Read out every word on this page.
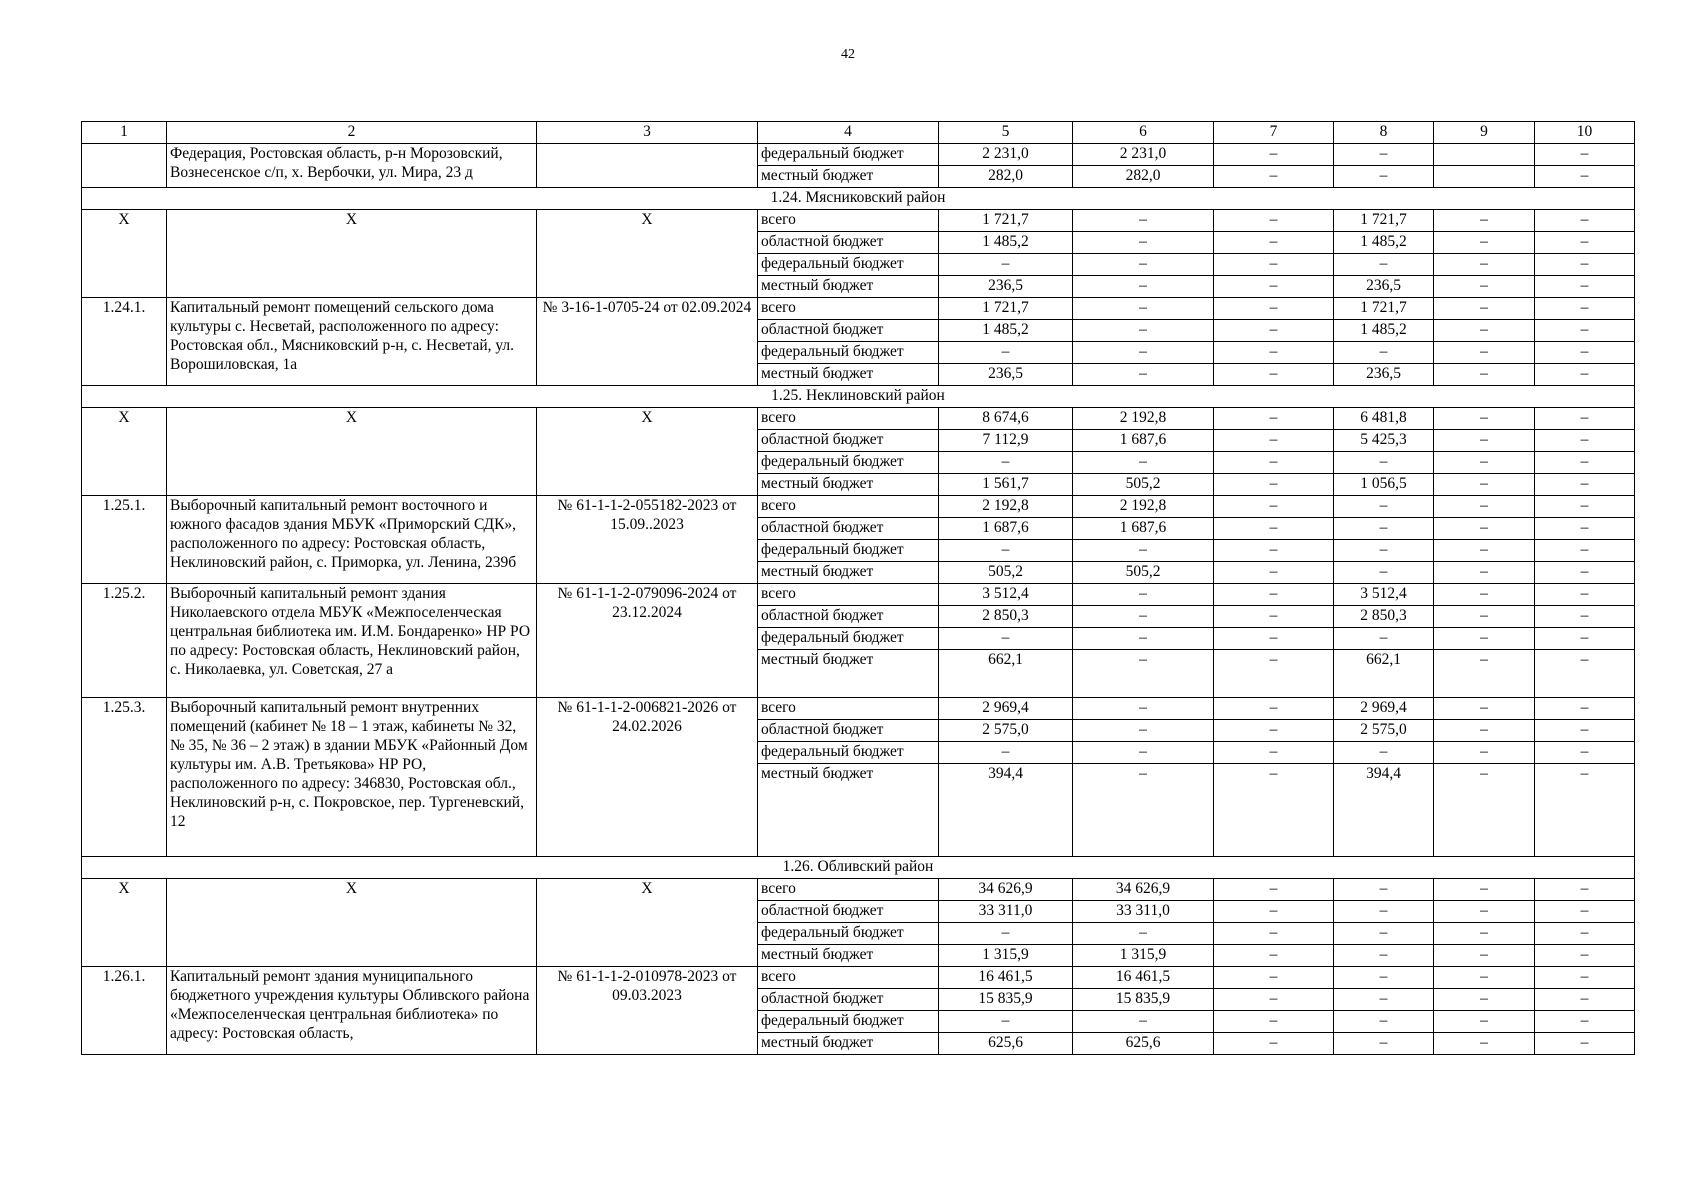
42
1	2	3	4	5	6	7	8	9	10
	Федерация, Ростовская область, р-н Морозовский, Вознесенское с/п, х. Вербочки, ул. Мира, 23 д		федеральный бюджет	2 231,0	2 231,0	–	–		–
			местный бюджет	282,0	282,0	–	–		–
1.24. Мясниковский район									
Х	Х	Х	всего	1 721,7	–	–	1 721,7	–	–
			областной бюджет	1 485,2	–	–	1 485,2	–	–
			федеральный бюджет	–	–	–	–	–	–
			местный бюджет	236,5	–	–	236,5	–	–
1.24.1.	Капитальный ремонт помещений сельского дома культуры с. Несветай, расположенного по адресу: Ростовская обл., Мясниковский р-н, с. Несветай, ул. Ворошиловская, 1а	№ 3-16-1-0705-24 от 02.09.2024	всего	1 721,7	–	–	1 721,7	–	–
			областной бюджет	1 485,2	–	–	1 485,2	–	–
			федеральный бюджет	–	–	–	–	–	–
			местный бюджет	236,5	–	–	236,5	–	–
1.25. Неклиновский район									
Х	Х	Х	всего	8 674,6	2 192,8	–	6 481,8	–	–
			областной бюджет	7 112,9	1 687,6	–	5 425,3	–	–
			федеральный бюджет	–	–	–	–	–	–
			местный бюджет	1 561,7	505,2	–	1 056,5	–	–
1.25.1.	Выборочный капитальный ремонт восточного и южного фасадов здания МБУК «Приморский СДК», расположенного по адресу: Ростовская область, Неклиновский район, с. Приморка, ул. Ленина, 239б	№ 61-1-1-2-055182-2023 от 15.09..2023	всего	2 192,8	2 192,8	–	–	–	–
			областной бюджет	1 687,6	1 687,6	–	–	–	–
			федеральный бюджет	–	–	–	–	–	–
			местный бюджет	505,2	505,2	–	–	–	–
1.25.2.	Выборочный капитальный ремонт здания Николаевского отдела МБУК «Межпоселенческая центральная библиотека им. И.М. Бондаренко» НР РО по адресу: Ростовская область, Неклиновский район, с. Николаевка, ул. Советская, 27 а	№ 61-1-1-2-079096-2024 от 23.12.2024	всего	3 512,4	–	–	3 512,4	–	–
			областной бюджет	2 850,3	–	–	2 850,3	–	–
			федеральный бюджет	–	–	–	–	–	–
			местный бюджет	662,1	–	–	662,1	–	–
1.25.3.	Выборочный капитальный ремонт внутренних помещений (кабинет № 18 – 1 этаж, кабинеты № 32, № 35, № 36 – 2 этаж) в здании МБУК «Районный Дом культуры им. А.В. Третьякова» НР РО, расположенного по адресу: 346830, Ростовская обл., Неклиновский р-н, с. Покровское, пер. Тургеневский, 12	№ 61-1-1-2-006821-2026 от 24.02.2026	всего	2 969,4	–	–	2 969,4	–	–
			областной бюджет	2 575,0	–	–	2 575,0	–	–
			федеральный бюджет	–	–	–	–	–	–
			местный бюджет	394,4	–	–	394,4	–	–
1.26. Обливский район									
Х	Х	Х	всего	34 626,9	34 626,9	–	–	–	–
			областной бюджет	33 311,0	33 311,0	–	–	–	–
			федеральный бюджет	–	–	–	–	–	–
			местный бюджет	1 315,9	1 315,9	–	–	–	–
1.26.1.	Капитальный ремонт здания муниципального бюджетного учреждения культуры Обливского района «Межпоселенческая центральная библиотека» по адресу: Ростовская область,	№ 61-1-1-2-010978-2023 от 09.03.2023	всего	16 461,5	16 461,5	–	–	–	–
			областной бюджет	15 835,9	15 835,9	–	–	–	–
			федеральный бюджет	–	–	–	–	–	–
			местный бюджет	625,6	625,6	–	–	–	–
